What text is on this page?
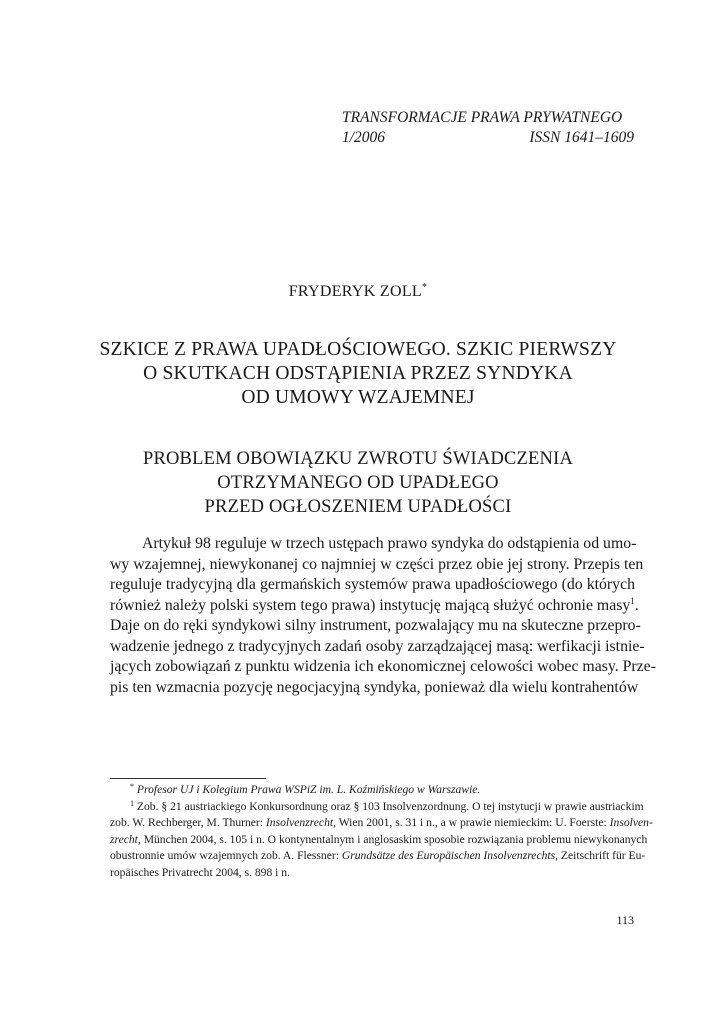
TRANSFORMACJE PRAWA PRYWATNEGO
1/2006	ISSN 1641–1609
FRYDERYK ZOLL*
SZKICE Z PRAWA UPADŁOŚCIOWEGO. SZKIC PIERWSZY
O SKUTKACH ODSTĄPIENIA PRZEZ SYNDYKA
OD UMOWY WZAJEMNEJ
PROBLEM OBOWIĄZKU ZWROTU ŚWIADCZENIA
OTRZYMANEGO OD UPADŁEGO
PRZED OGŁOSZENIEM UPADŁOŚCI
Artykuł 98 reguluje w trzech ustępach prawo syndyka do odstąpienia od umo-
wy wzajemnej, niewykonanej co najmniej w części przez obie jej strony. Przepis ten
reguluje tradycyjną dla germańskich systemów prawa upadłościowego (do których
również należy polski system tego prawa) instytucję mającą służyć ochronie masy$^1$.
Daje on do ręki syndykowi silny instrument, pozwalający mu na skuteczne przepro-
wadzenie jednego z tradycyjnych zadań osoby zarządzającej masą: werfikacji istnie-
jących zobowiązań z punktu widzenia ich ekonomicznej celowości wobec masy. Prze-
pis ten wzmacnia pozycję negocjacyjną syndyka, ponieważ dla wielu kontrahentów
* Profesor UJ i Kolegium Prawa WSPiZ im. L. Koźmińskiego w Warszawie.
$^1$ Zob. § 21 austriackiego Konkursordnung oraz § 103 Insolvenzordnung. O tej instytucji w prawie austriackim
zob. W. Rechberger, M. Thurner: Insolvenzrecht, Wien 2001, s. 31 i n., a w prawie niemieckim: U. Foerste: Insolven-
zrecht, München 2004, s. 105 i n. O kontynentalnym i anglosaskim sposobie rozwiązania problemu niewykonanych
obustronnie umów wzajemnych zob. A. Flessner: Grundsätze des Europäischen Insolvenzrechts, Zeitschrift für Eu-
ropäisches Privatrecht 2004, s. 898 i n.
113
